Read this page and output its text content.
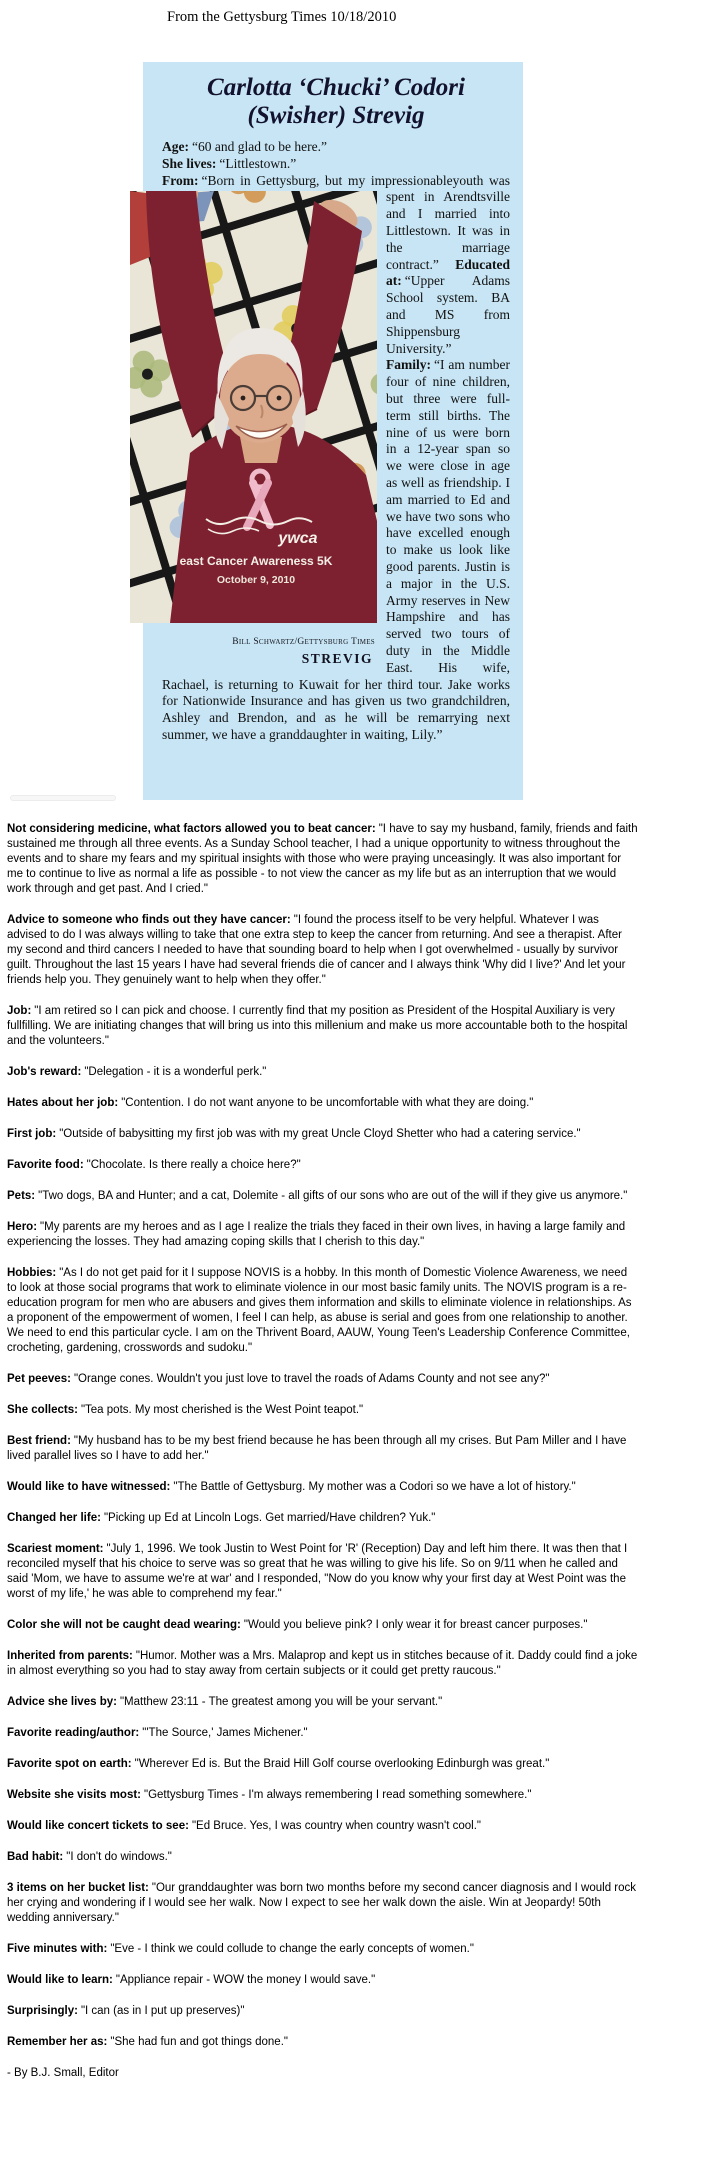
From the Gettysburg Times 10/18/2010
Carlotta ‘Chucki’ Codori
(Swisher) Strevig
Age: “60 and glad to be here.”
She lives: “Littlestown.”
From: “Born in Gettysburg, but my impressionable
ywca
east Cancer Awareness 5K
October 9, 2010
Bill Schwartz/Gettysburg Times
STREVIG
youth was spent in Arendtsville and I married into Littlestown. It was in the marriage contract.” Educated at: “Upper Adams School system. BA and MS from Shippensburg University.” Family: “I am number four of nine children, but three were full-term still births. The nine of us were born in a 12-year span so we were close in age as well as friendship. I am married to Ed and we have two sons who have excelled enough to make us look like good parents. Justin is a major in the U.S. Army reserves in New Hampshire and has served two tours of duty in the Middle East. His wife, Rachael, is returning to Kuwait for her third tour. Jake works for Nationwide Insurance and has given us two grandchildren, Ashley and Brendon, and as he will be remarrying next summer, we have a granddaughter in waiting, Lily.”
Not considering medicine, what factors allowed you to beat cancer: "I have to say my husband, family, friends and faith sustained me through all three events. As a Sunday School teacher, I had a unique opportunity to witness throughout the events and to share my fears and my spiritual insights with those who were praying unceasingly. It was also important for me to continue to live as normal a life as possible - to not view the cancer as my life but as an interruption that we would work through and get past. And I cried."
Advice to someone who finds out they have cancer: "I found the process itself to be very helpful. Whatever I was advised to do I was always willing to take that one extra step to keep the cancer from returning. And see a therapist. After my second and third cancers I needed to have that sounding board to help when I got overwhelmed - usually by survivor guilt. Throughout the last 15 years I have had several friends die of cancer and I always think 'Why did I live?' And let your friends help you. They genuinely want to help when they offer."
Job: "I am retired so I can pick and choose. I currently find that my position as President of the Hospital Auxiliary is very fullfilling. We are initiating changes that will bring us into this millenium and make us more accountable both to the hospital and the volunteers."
Job's reward: "Delegation - it is a wonderful perk."
Hates about her job: "Contention. I do not want anyone to be uncomfortable with what they are doing."
First job: "Outside of babysitting my first job was with my great Uncle Cloyd Shetter who had a catering service."
Favorite food: "Chocolate. Is there really a choice here?"
Pets: "Two dogs, BA and Hunter; and a cat, Dolemite - all gifts of our sons who are out of the will if they give us anymore."
Hero: "My parents are my heroes and as I age I realize the trials they faced in their own lives, in having a large family and experiencing the losses. They had amazing coping skills that I cherish to this day."
Hobbies: "As I do not get paid for it I suppose NOVIS is a hobby. In this month of Domestic Violence Awareness, we need to look at those social programs that work to eliminate violence in our most basic family units. The NOVIS program is a re-education program for men who are abusers and gives them information and skills to eliminate violence in relationships. As a proponent of the empowerment of women, I feel I can help, as abuse is serial and goes from one relationship to another. We need to end this particular cycle. I am on the Thrivent Board, AAUW, Young Teen's Leadership Conference Committee, crocheting, gardening, crosswords and sudoku."
Pet peeves: "Orange cones. Wouldn't you just love to travel the roads of Adams County and not see any?"
She collects: "Tea pots. My most cherished is the West Point teapot."
Best friend: "My husband has to be my best friend because he has been through all my crises. But Pam Miller and I have lived parallel lives so I have to add her."
Would like to have witnessed: "The Battle of Gettysburg. My mother was a Codori so we have a lot of history."
Changed her life: "Picking up Ed at Lincoln Logs. Get married/Have children? Yuk."
Scariest moment: "July 1, 1996. We took Justin to West Point for 'R' (Reception) Day and left him there. It was then that I reconciled myself that his choice to serve was so great that he was willing to give his life. So on 9/11 when he called and said 'Mom, we have to assume we're at war' and I responded, "Now do you know why your first day at West Point was the worst of my life,' he was able to comprehend my fear."
Color she will not be caught dead wearing: "Would you believe pink? I only wear it for breast cancer purposes."
Inherited from parents: "Humor. Mother was a Mrs. Malaprop and kept us in stitches because of it. Daddy could find a joke in almost everything so you had to stay away from certain subjects or it could get pretty raucous."
Advice she lives by: "Matthew 23:11 - The greatest among you will be your servant."
Favorite reading/author: "'The Source,' James Michener."
Favorite spot on earth: "Wherever Ed is. But the Braid Hill Golf course overlooking Edinburgh was great."
Website she visits most: "Gettysburg Times - I'm always remembering I read something somewhere."
Would like concert tickets to see: "Ed Bruce. Yes, I was country when country wasn't cool."
Bad habit: "I don't do windows."
3 items on her bucket list: "Our granddaughter was born two months before my second cancer diagnosis and I would rock her crying and wondering if I would see her walk. Now I expect to see her walk down the aisle. Win at Jeopardy! 50th wedding anniversary."
Five minutes with: "Eve - I think we could collude to change the early concepts of women."
Would like to learn: "Appliance repair - WOW the money I would save."
Surprisingly: "I can (as in I put up preserves)"
Remember her as: "She had fun and got things done."
- By B.J. Small, Editor
